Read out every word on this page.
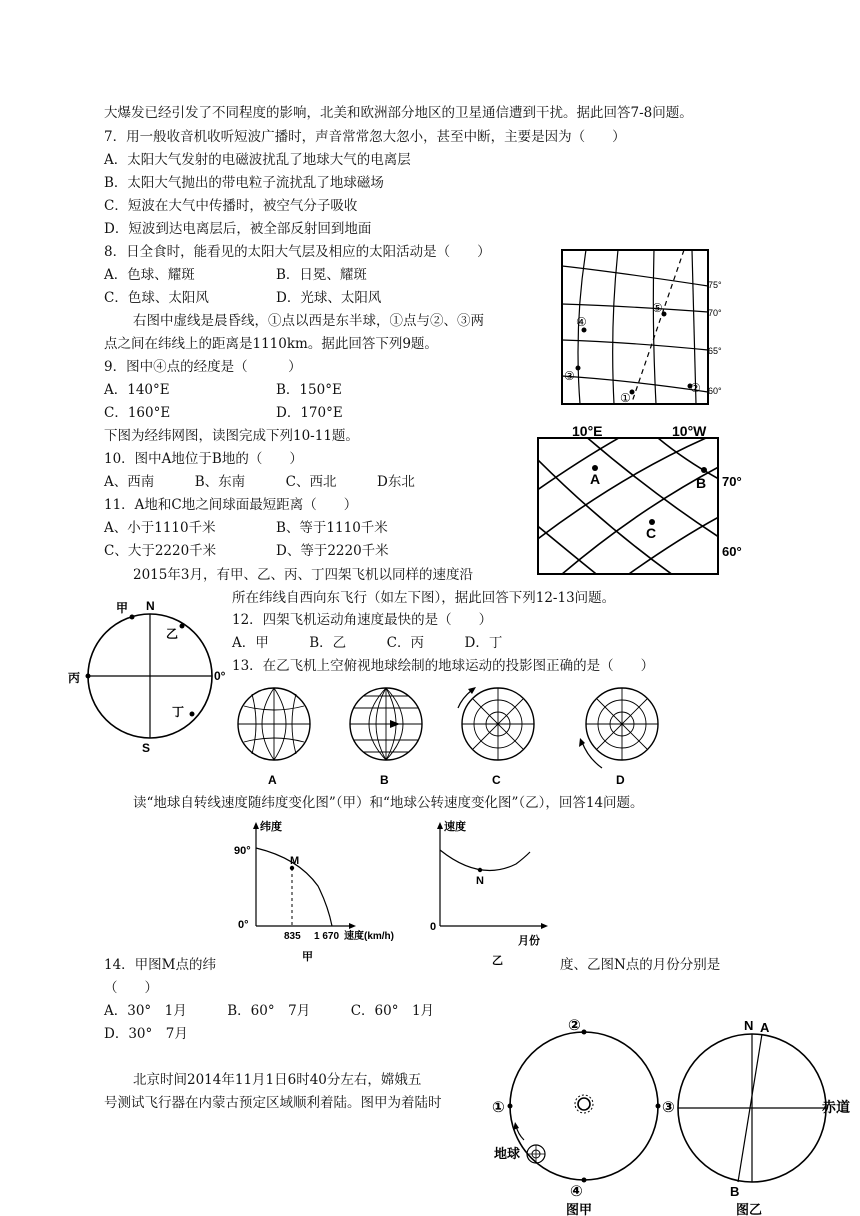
大爆发已经引发了不同程度的影响，北美和欧洲部分地区的卫星通信遭到干扰。据此回答7-8问题。
7．用一般收音机收听短波广播时，声音常常忽大忽小，甚至中断，主要是因为（　　）
A．太阳大气发射的电磁波扰乱了地球大气的电离层
B．太阳大气抛出的带电粒子流扰乱了地球磁场
C．短波在大气中传播时，被空气分子吸收
D．短波到达电离层后，被全部反射回到地面
8．日全食时，能看见的太阳大气层及相应的太阳活动是（　　）
A．色球、耀斑	B．日冕、耀斑
C．色球、太阳风	D．光球、太阳风
右图中虚线是晨昏线，①点以西是东半球，①点与②、③两
点之间在纬线上的距离是1110km。据此回答下列9题。
9．图中④点的经度是（　　　）
A．140°E	B．150°E
C．160°E	D．170°E
下图为经纬网图，读图完成下列10-11题。
10．图中A地位于B地的（　　）
A、西南　　　B、东南　　　C、西北　　　D东北
11．A地和C地之间球面最短距离（　　）
A、小于1110千米	B、等于1110千米
C、大于2220千米	D、等于2220千米
2015年3月，有甲、乙、丙、丁四架飞机以同样的速度沿
所在纬线自西向东飞行（如左下图），据此回答下列12-13问题。
12．四架飞机运动角速度最快的是（　　）
A．甲　　　B．乙　　　C．丙　　　D．丁
13．在乙飞机上空俯视地球绘制的地球运动的投影图正确的是（　　）
读“地球自转线速度随纬度变化图”（甲）和“地球公转速度变化图”（乙），回答14问题。
14．甲图M点的纬	度、乙图N点的月份分别是
（　　）
A．30°　1月　　　B．60°　7月　　　C．60°　1月
D．30°　7月
北京时间2014年11月1日6时40分左右，嫦娥五
号测试飞行器在内蒙古预定区域顺利着陆。图甲为着陆时
75°
70°
65°
60°
①
②
③
④
⑤
10°E	10°W
A	B
C
70°
60°
N
S
甲
乙
丙
丁
0°
A	B	C	D
纬度
90°
0°
M
835 1 670 速度(km/h)
甲
速度
0
N
月份
乙
②
①	③
④
地球
图甲
N A
B
赤道
图乙
